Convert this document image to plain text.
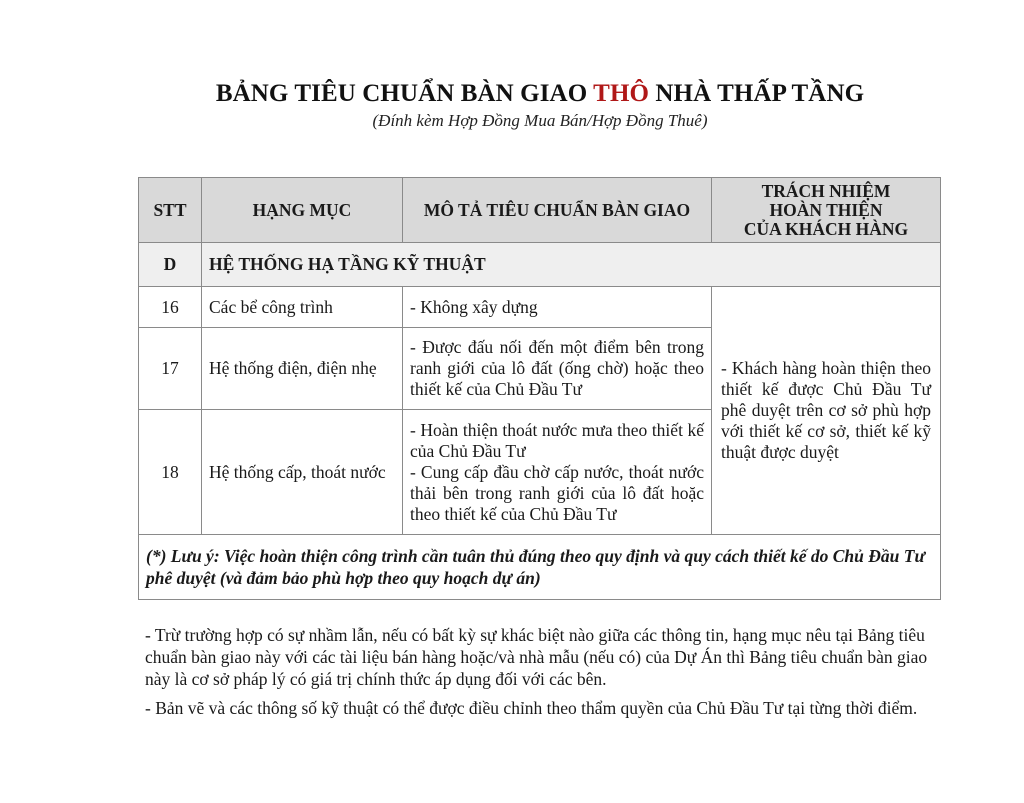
BẢNG TIÊU CHUẨN BÀN GIAO THÔ NHÀ THẤP TẦNG
(Đính kèm Hợp Đồng Mua Bán/Hợp Đồng Thuê)
STT	HẠNG MỤC	MÔ TẢ TIÊU CHUẨN BÀN GIAO	TRÁCH NHIỆM
HOÀN THIỆN
CỦA KHÁCH HÀNG

D	HỆ THỐNG HẠ TẦNG KỸ THUẬT		
16	Các bể công trình	- Không xây dựng	- Khách hàng hoàn thiện theo thiết kế được Chủ Đầu Tư phê duyệt trên cơ sở phù hợp với thiết kế cơ sở, thiết kế kỹ thuật được duyệt
17	Hệ thống điện, điện nhẹ	- Được đấu nối đến một điểm bên trong ranh giới của lô đất (ống chờ) hoặc theo thiết kế của Chủ Đầu Tư	
18	Hệ thống cấp, thoát nước	- Hoàn thiện thoát nước mưa theo thiết kế của Chủ Đầu Tư
- Cung cấp đầu chờ cấp nước, thoát nước thải bên trong ranh giới của lô đất hoặc theo thiết kế của Chủ Đầu Tư	

(*) Lưu ý: Việc hoàn thiện công trình cần tuân thủ đúng theo quy định và quy cách thiết kế do Chủ Đầu Tư phê duyệt (và đảm bảo phù hợp theo quy hoạch dự án)			

- Trừ trường hợp có sự nhầm lẫn, nếu có bất kỳ sự khác biệt nào giữa các thông tin, hạng mục nêu tại Bảng tiêu chuẩn bàn giao này với các tài liệu bán hàng hoặc/và nhà mẫu (nếu có) của Dự Án thì Bảng tiêu chuẩn bàn giao này là cơ sở pháp lý có giá trị chính thức áp dụng đối với các bên.

- Bản vẽ và các thông số kỹ thuật có thể được điều chỉnh theo thẩm quyền của Chủ Đầu Tư tại từng thời điểm.
